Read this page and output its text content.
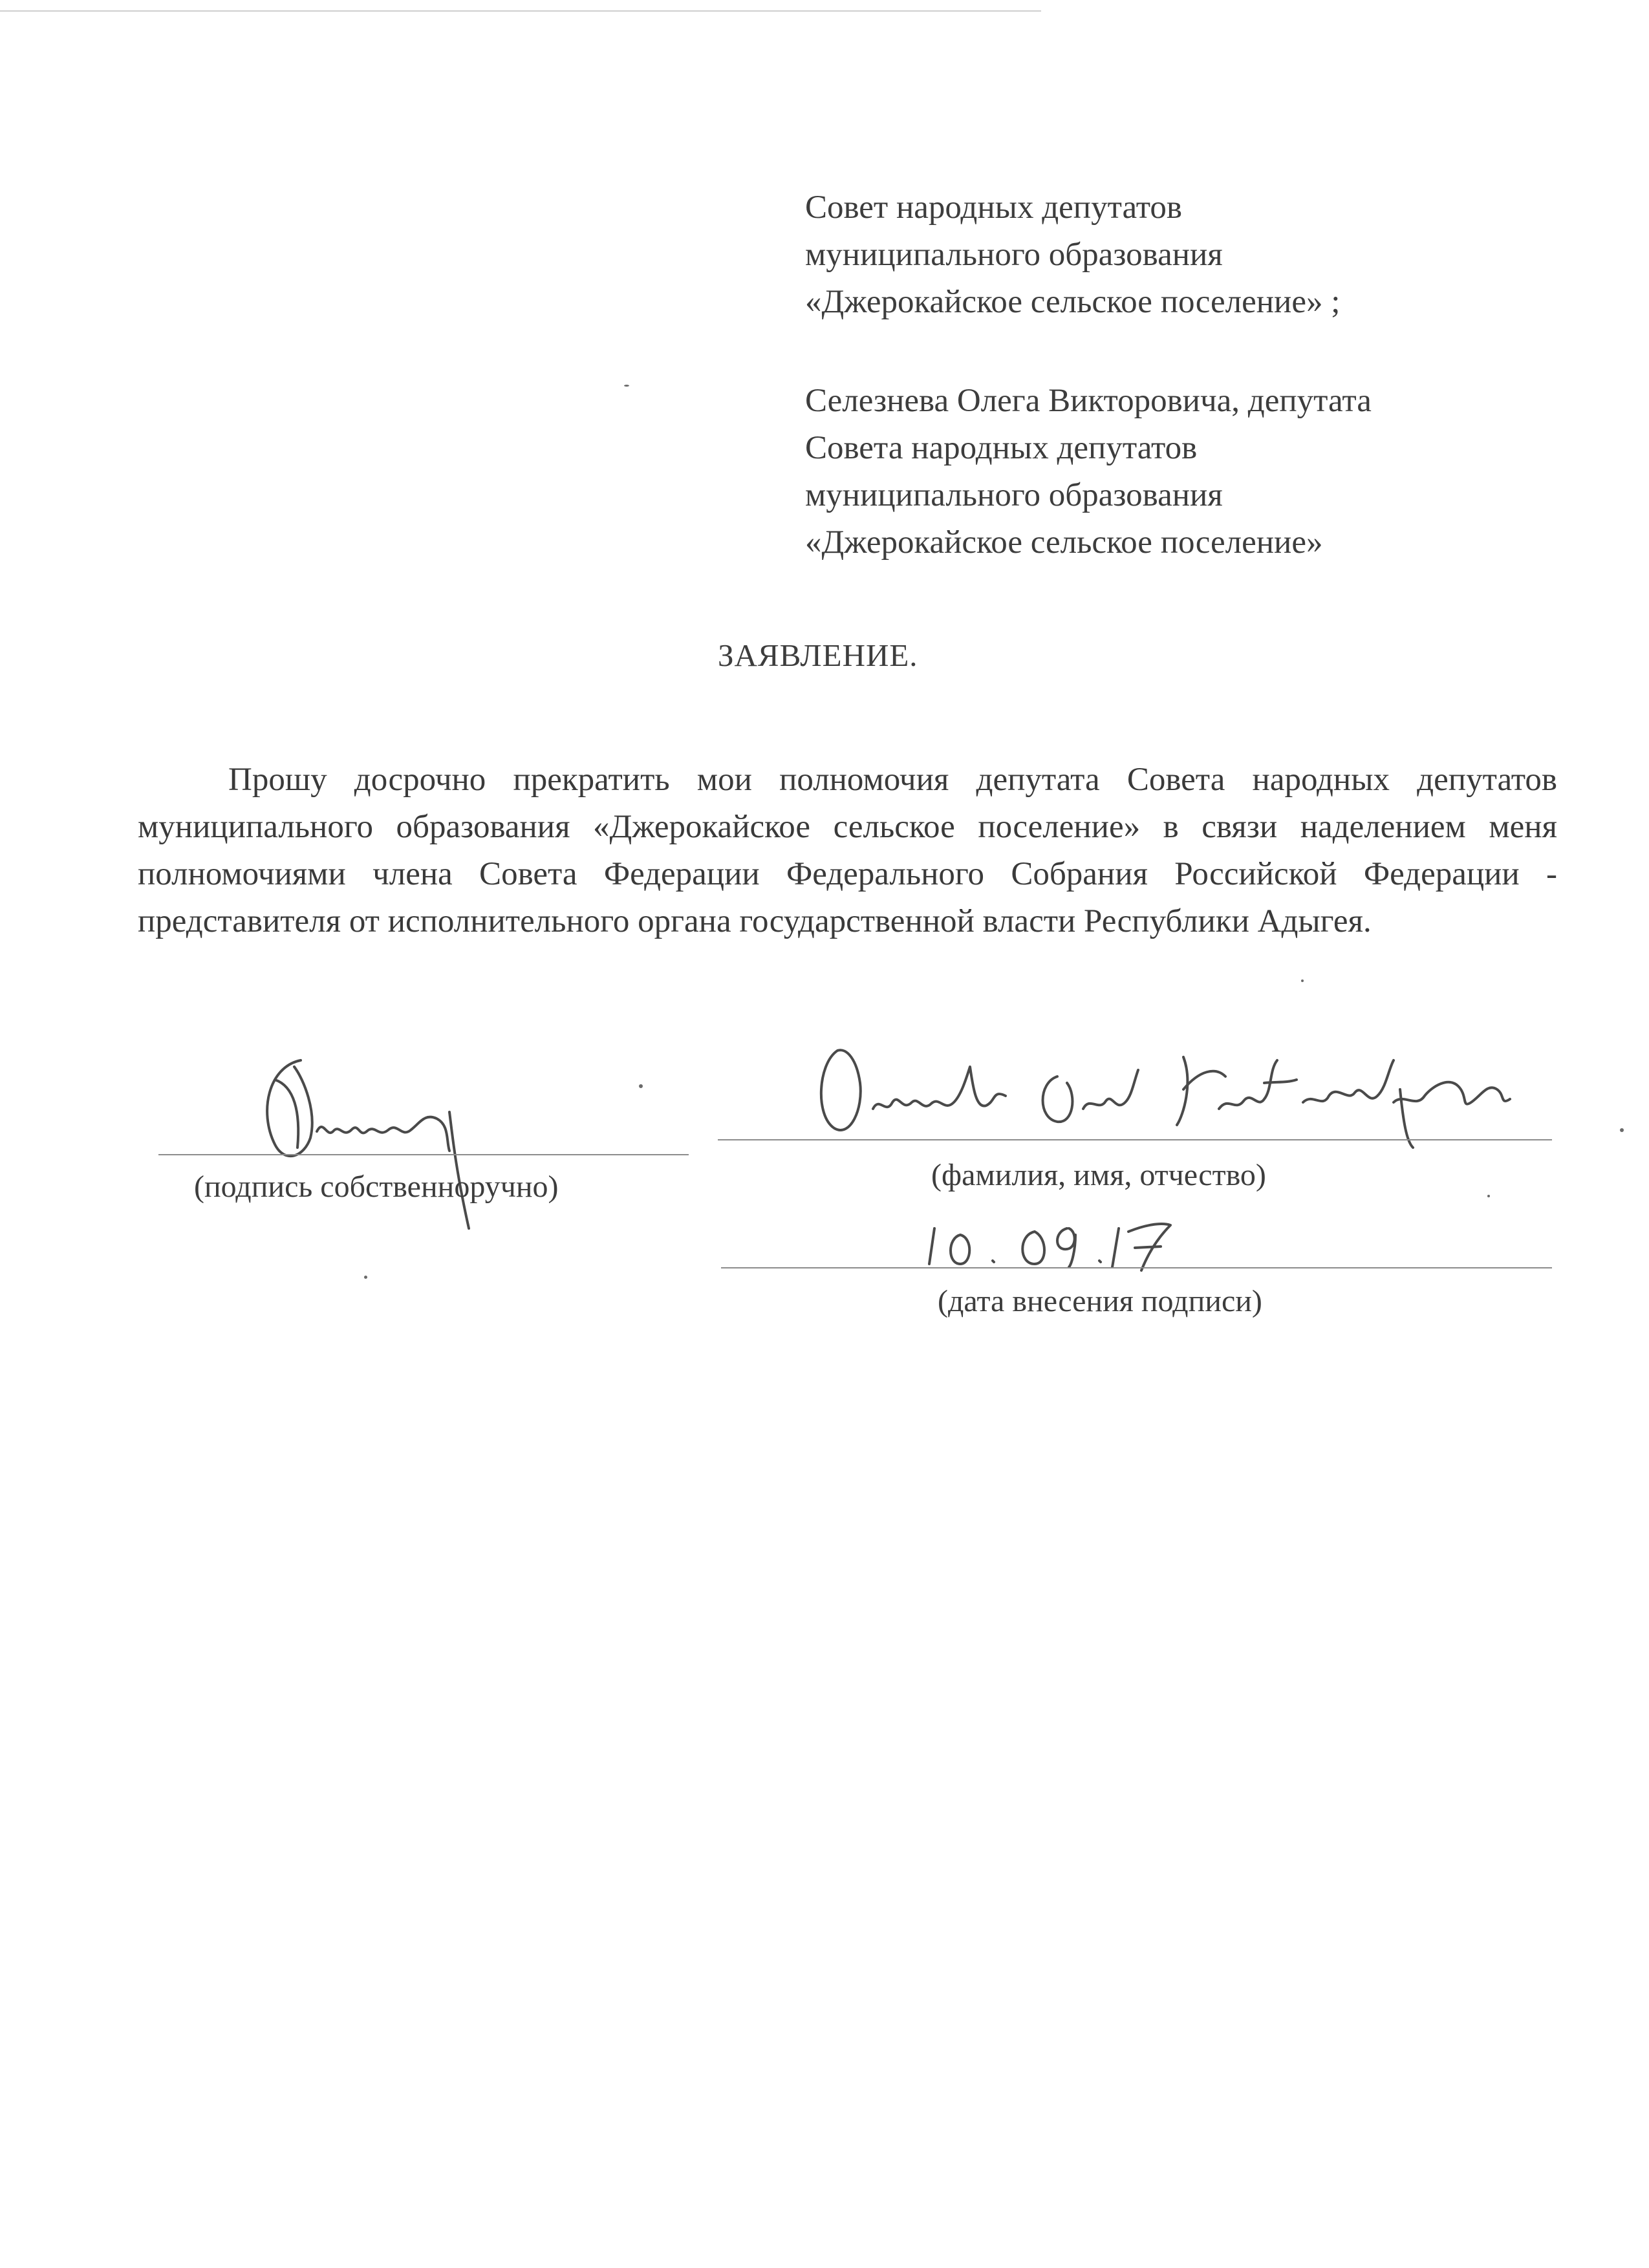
Совет народных депутатов
муниципального образования
«Джерокайское сельское поселение» ;
Селезнева Олега Викторовича, депутата
Совета народных депутатов
муниципального образования
«Джерокайское сельское поселение»
ЗАЯВЛЕНИЕ.

Прошу досрочно прекратить мои полномочия депутата Совета народных депутатов муниципального образования «Джерокайское сельское поселение» в связи наделением меня полномочиями члена Совета Федерации Федерального Собрания Российской Федерации - представителя от исполнительного органа государственной власти Республики Адыгея.

(подпись собственноручно)	(фамилия, имя, отчество)
(дата внесения подписи)
